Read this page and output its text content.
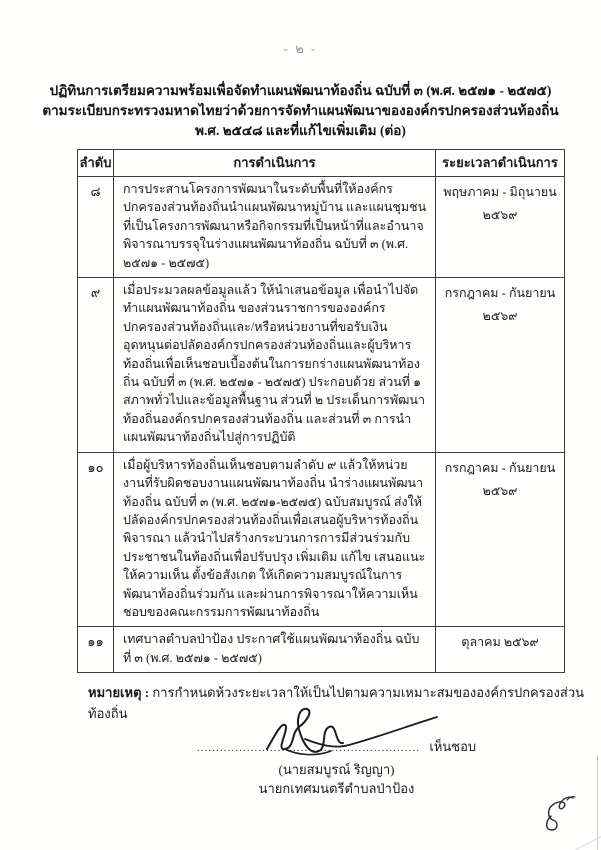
- ๒ -
ปฏิทินการเตรียมความพร้อมเพื่อจัดทำแผนพัฒนาท้องถิ่น ฉบับที่ ๓ (พ.ศ. ๒๕๗๑ - ๒๕๗๕)
ตามระเบียบกระทรวงมหาดไทยว่าด้วยการจัดทำแผนพัฒนาขององค์กรปกครองส่วนท้องถิ่น
พ.ศ. ๒๕๔๘ และที่แก้ไขเพิ่มเติม (ต่อ)
ลำดับ	การดำเนินการ	ระยะเวลาดำเนินการ
๘	การประสานโครงการพัฒนาในระดับพื้นที่ให้องค์กรปกครองส่วนท้องถิ่นนำแผนพัฒนาหมู่บ้าน และแผนชุมชนที่เป็นโครงการพัฒนาหรือกิจกรรมที่เป็นหน้าที่และอำนาจพิจารณาบรรจุในร่างแผนพัฒนาท้องถิ่น ฉบับที่ ๓ (พ.ศ. ๒๕๗๑ - ๒๕๗๕)	พฤษภาคม - มิถุนายน
๒๕๖๙

๙	เมื่อประมวลผลข้อมูลแล้ว ให้นำเสนอข้อมูล เพื่อนำไปจัดทำแผนพัฒนาท้องถิ่น ของส่วนราชการขององค์กรปกครองส่วนท้องถิ่นและ/หรือหน่วยงานที่ขอรับเงินอุดหนุนต่อปลัดองค์กรปกครองส่วนท้องถิ่นและผู้บริหารท้องถิ่นเพื่อเห็นชอบเบื้องต้นในการยกร่างแผนพัฒนาท้องถิ่น ฉบับที่ ๓ (พ.ศ. ๒๕๗๑ - ๒๕๗๕) ประกอบด้วย ส่วนที่ ๑ สภาพทั่วไปและข้อมูลพื้นฐาน ส่วนที่ ๒ ประเด็นการพัฒนาท้องถิ่นองค์กรปกครองส่วนท้องถิ่น และส่วนที่ ๓ การนำแผนพัฒนาท้องถิ่นไปสู่การปฏิบัติ	กรกฎาคม - กันยายน
๒๕๖๙

๑๐	เมื่อผู้บริหารท้องถิ่นเห็นชอบตามลำดับ ๙ แล้วให้หน่วยงานที่รับผิดชอบงานแผนพัฒนาท้องถิ่น นำร่างแผนพัฒนาท้องถิ่น ฉบับที่ ๓ (พ.ศ. ๒๕๗๑-๒๕๗๕) ฉบับสมบูรณ์ ส่งให้ปลัดองค์กรปกครองส่วนท้องถิ่นเพื่อเสนอผู้บริหารท้องถิ่นพิจารณา แล้วนำไปสร้างกระบวนการการมีส่วนร่วมกับประชาชนในท้องถิ่นเพื่อปรับปรุง เพิ่มเติม แก้ไข เสนอแนะ ให้ความเห็น ตั้งข้อสังเกต ให้เกิดความสมบูรณ์ในการพัฒนาท้องถิ่นร่วมกัน และผ่านการพิจารณาให้ความเห็นชอบของคณะกรรมการพัฒนาท้องถิ่น	กรกฎาคม - กันยายน
๒๕๖๙

๑๑	เทศบาลตำบลป่าป้อง ประกาศใช้แผนพัฒนาท้องถิ่น ฉบับที่ ๓ (พ.ศ. ๒๕๗๑ - ๒๕๗๕)	ตุลาคม ๒๕๖๙
หมายเหตุ : การกำหนดห้วงระยะเวลาให้เป็นไปตามความเหมาะสมขององค์กรปกครองส่วนท้องถิ่น
.......................................................... เห็นชอบ
(นายสมบูรณ์ ริญญา)
นายกเทศมนตรีตำบลป่าป้อง
